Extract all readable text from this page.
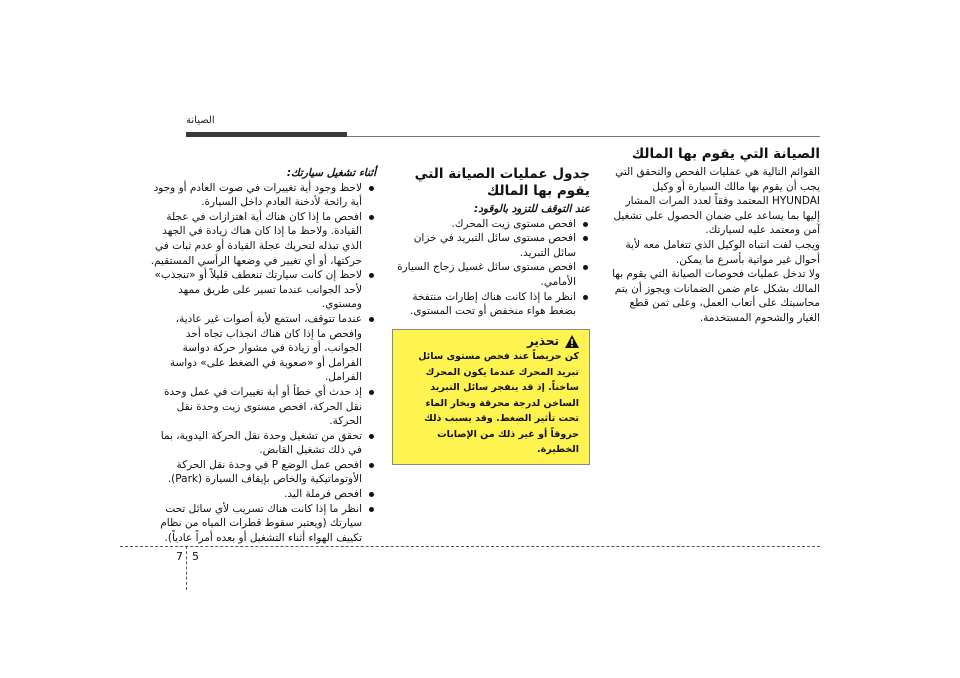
الصيانة
الصيانة التي يقوم بها المالك

القوائم التالية هي عمليات الفحص والتحقق التي يجب أن يقوم بها مالك السيارة أو وكيل HYUNDAI المعتمد وفقاً لعدد المرات المشار إليها بما يساعد على ضمان الحصول على تشغيل آمن ومعتمد عليه لسيارتك.

ويجب لفت انتباه الوكيل الذي تتعامل معه لأية أحوال غير مواتية بأسرع ما يمكن.

ولا تدخل عمليات فحوصات الصيانة التي يقوم بها المالك بشكل عام ضمن الضمانات ويجوز أن يتم محاسبتك على أتعاب العمل، وعلى ثمن قطع الغيار والشحوم المستخدمة.

جدول عمليات الصيانة التي يقوم بها المالك

عند التوقف للتزود بالوقود:

افحص مستوى زيت المحرك.
افحص مستوى سائل التبريد في خزان سائل التبريد.
افحص مستوى سائل غسيل زجاج السيارة الأمامي.
انظر ما إذا كانت هناك إطارات منتفخة بضغط هواء منخفض أو تحت المستوى.
تحذير
كن حريصاً عند فحص مستوى سائل تبريد المحرك عندما يكون المحرك ساخناً. إذ قد ينفجر سائل التبريد الساخن لدرجة محرقة وبخار الماء تحت تأثير الضغط. وقد يسبب ذلك حروقاً أو غير ذلك من الإصابات الخطيرة.

أثناء تشغيل سيارتك:

لاحظ وجود أية تغييرات في صوت العادم أو وجود أية رائحة لأدخنة العادم داخل السيارة.
افحص ما إذا كان هناك أية اهتزازات في عجلة القيادة. ولاحظ ما إذا كان هناك زيادة في الجهد الذي تبذله لتحريك عجلة القيادة أو عدم ثبات في حركتها، أو أي تغيير في وضعها الرأسي المستقيم.
لاحظ إن كانت سيارتك تنعطف قليلاً أو «تنجذب» لأحد الجوانب عندما تسير على طريق ممهد ومستوي.
عندما تتوقف، استمع لأية أصوات غير عادية، وافحص ما إذا كان هناك انجذاب تجاه أحد الجوانب، أو زيادة في مشوار حركة دواسة الفرامل أو «صعوبة في الضغط على» دواسة الفرامل.
إذ حدث أي خطأ أو أية تغييرات في عمل وحدة نقل الحركة، افحص مستوى زيت وحدة نقل الحركة.
تحقق من تشغيل وحدة نقل الحركة اليدوية، بما في ذلك تشغيل القابض.
افحص عمل الوضع P في وحدة نقل الحركة الأوتوماتيكية والخاص بإيقاف السيارة (Park).
افحص فرملة اليد.
انظر ما إذا كانت هناك تسريب لأي سائل تحت سيارتك (ويعتبر سقوط قطرات المياه من نظام تكييف الهواء أثناء التشغيل أو بعده أمراً عادياً).
7 5
